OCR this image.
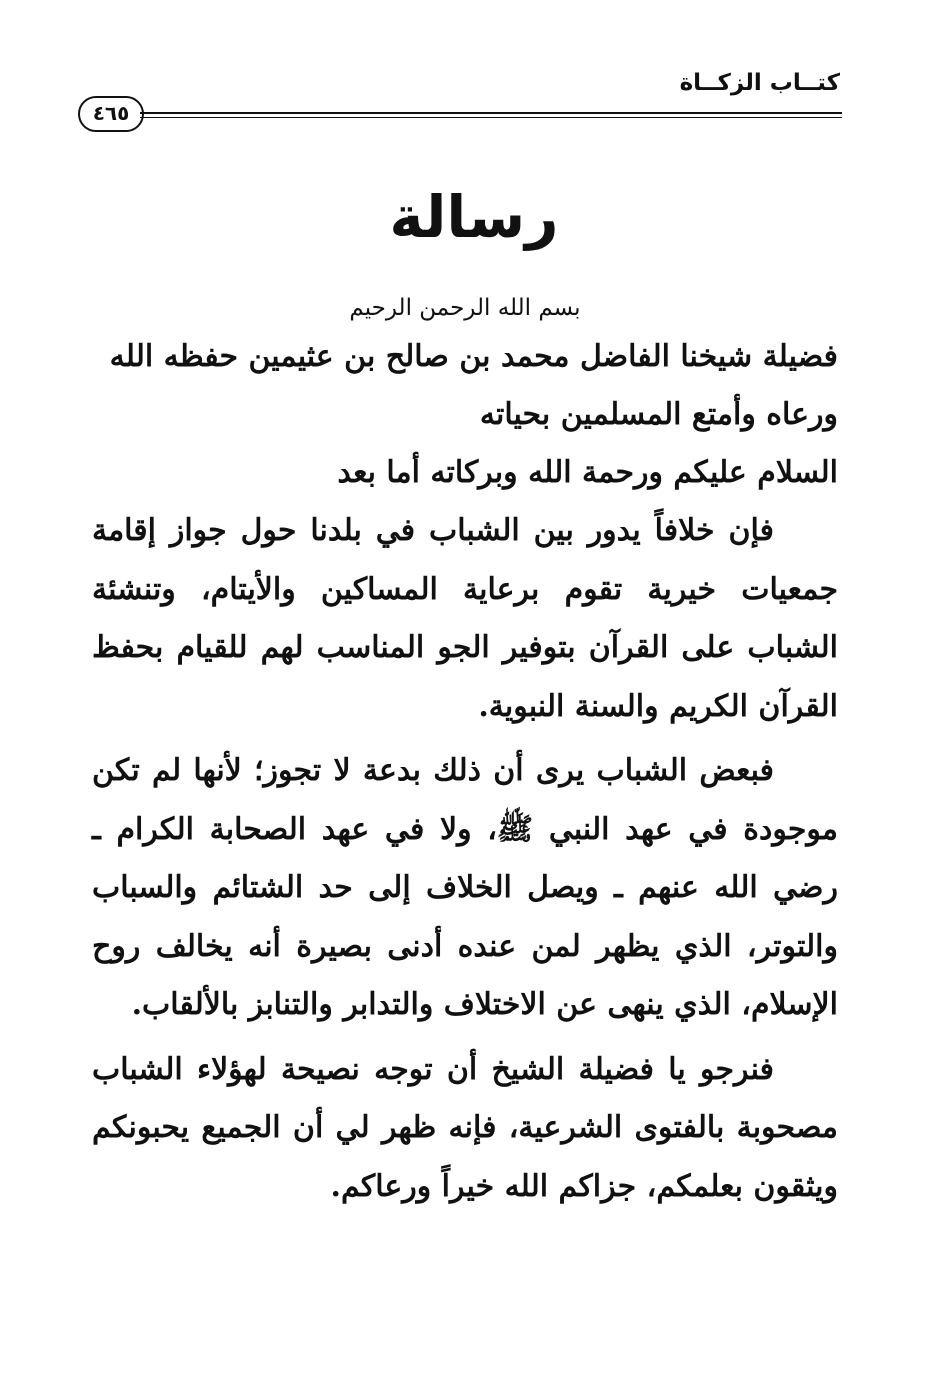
كتــاب الزكــاة
٤٦٥
رسالة

بسم الله الرحمن الرحيم

فضيلة شيخنا الفاضل محمد بن صالح بن عثيمين حفظه الله

ورعاه وأمتع المسلمين بحياته

السلام عليكم ورحمة الله وبركاته أما بعد

فإن خلافاً يدور بين الشباب في بلدنا حول جواز إقامة جمعيات خيرية تقوم برعاية المساكين والأيتام، وتنشئة الشباب على القرآن بتوفير الجو المناسب لهم للقيام بحفظ القرآن الكريم والسنة النبوية.

فبعض الشباب يرى أن ذلك بدعة لا تجوز؛ لأنها لم تكن موجودة في عهد النبي ﷺ، ولا في عهد الصحابة الكرام ـ رضي الله عنهم ـ ويصل الخلاف إلى حد الشتائم والسباب والتوتر، الذي يظهر لمن عنده أدنى بصيرة أنه يخالف روح الإسلام، الذي ينهى عن الاختلاف والتدابر والتنابز بالألقاب.

فنرجو يا فضيلة الشيخ أن توجه نصيحة لهؤلاء الشباب مصحوبة بالفتوى الشرعية، فإنه ظهر لي أن الجميع يحبونكم ويثقون بعلمكم، جزاكم الله خيراً ورعاكم.
